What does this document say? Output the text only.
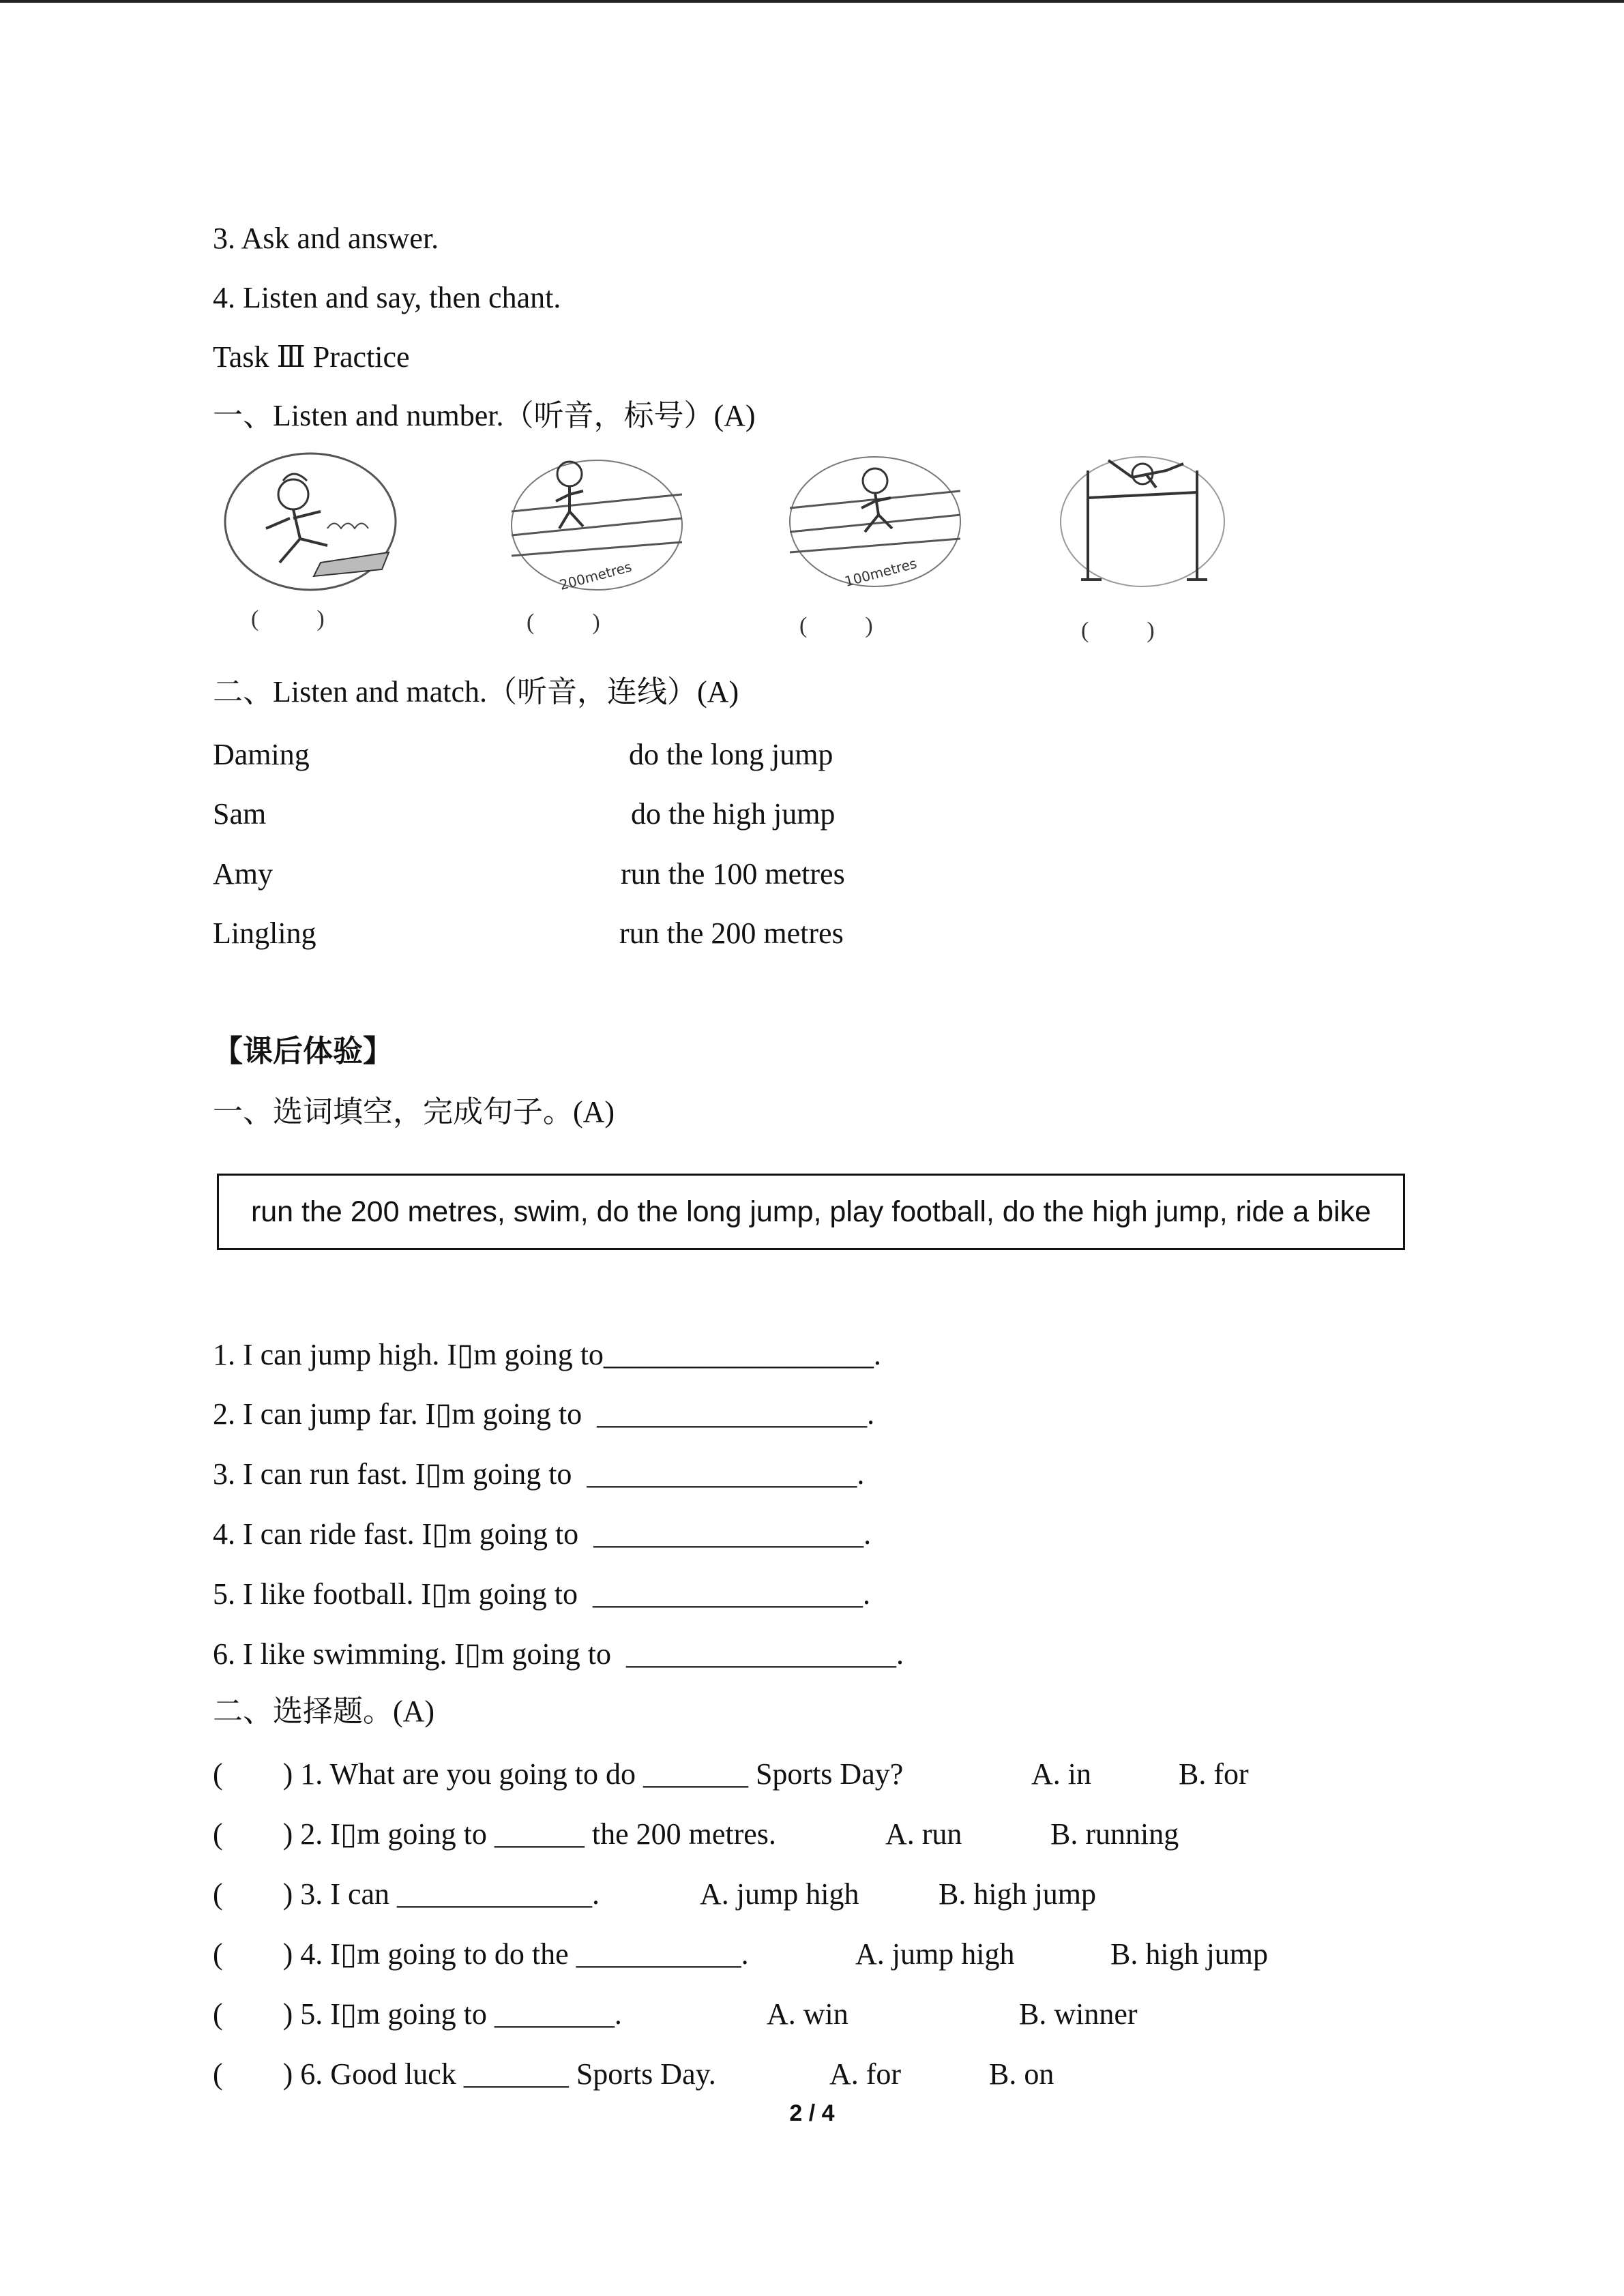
3. Ask and answer.
4. Listen and say, then chant.
Task Ⅲ Practice
一、Listen and number.（听音，标号）(A)
(          )
200metres
(          )
100metres
(          )	(          )
二、Listen and match.（听音，连线）(A)
Daming	do the long jump
Sam	do the high jump
Amy	run the 100 metres
Lingling	run the 200 metres
【课后体验】
一、选词填空，完成句子。(A)
run the 200 metres, swim, do the long jump, play football, do the high jump, ride a bike
1. I can jump high. I▯m going to__________________.
2. I can jump far. I▯m going to  __________________.
3. I can run fast. I▯m going to  __________________.
4. I can ride fast. I▯m going to  __________________.
5. I like football. I▯m going to  __________________.
6. I like swimming. I▯m going to  __________________.
二、选择题。(A)
(        ) 1. What are you going to do _______ Sports Day?	A. in	B. for
(        ) 2. I▯m going to ______ the 200 metres.	A. run	B. running
(        ) 3. I can _____________.	A. jump high	B. high jump
(        ) 4. I▯m going to do the ___________.	A. jump high	B. high jump
(        ) 5. I▯m going to ________.	A. win	B. winner
(        ) 6. Good luck _______ Sports Day.	A. for	B. on
2 / 4
